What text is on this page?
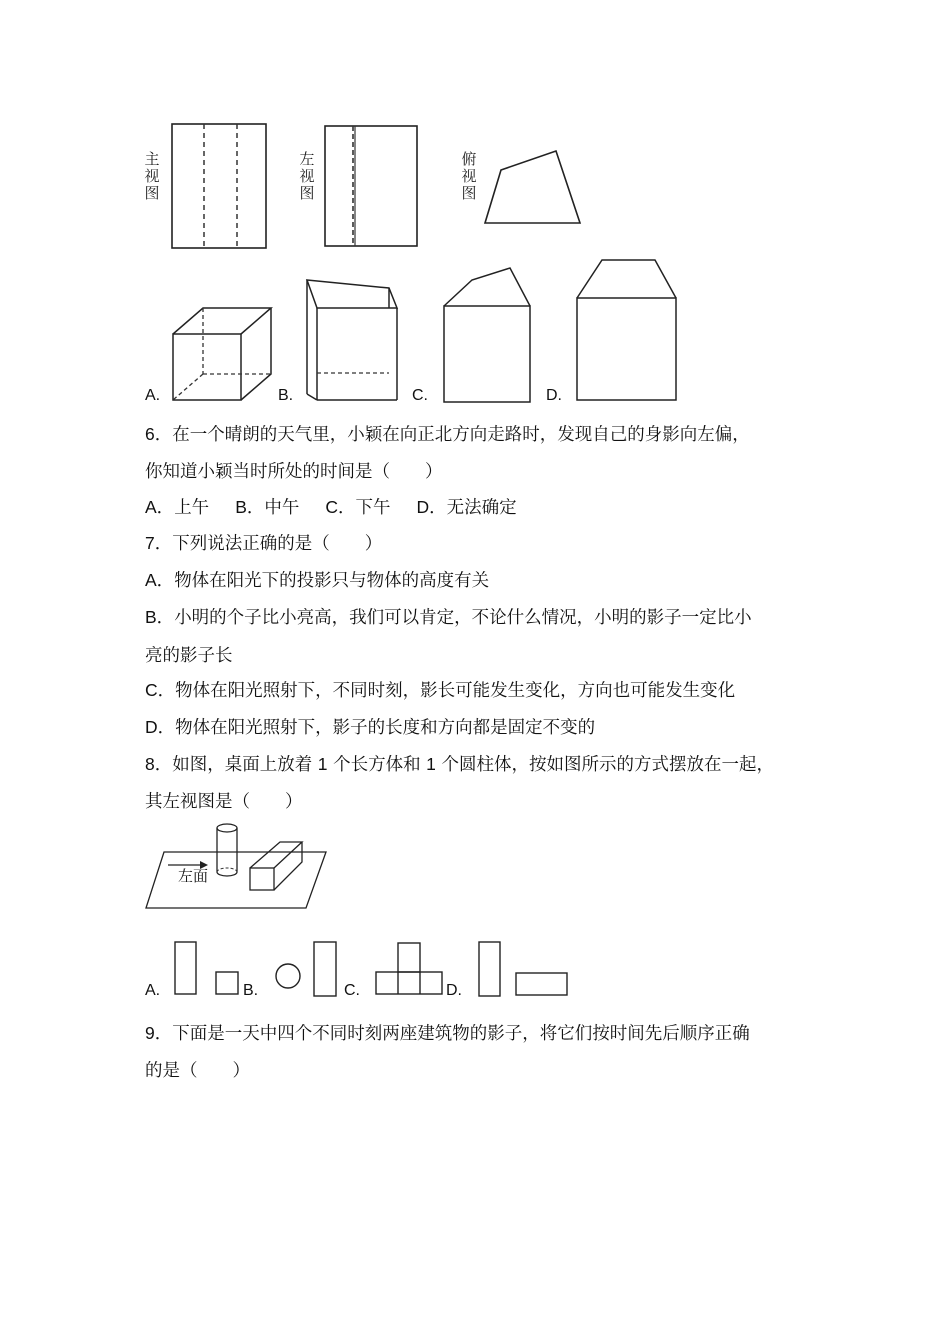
主
视
图
左
视
图
俯
视
图
A.	B.	C.	D.
6．在一个晴朗的天气里，小颖在向正北方向走路时，发现自己的身影向左偏，
你知道小颖当时所处的时间是（　　）
A．上午 B．中午 C．下午 D．无法确定
7．下列说法正确的是（　　）
A．物体在阳光下的投影只与物体的高度有关
B．小明的个子比小亮高，我们可以肯定，不论什么情况，小明的影子一定比小
亮的影子长
C．物体在阳光照射下，不同时刻，影长可能发生变化，方向也可能发生变化
D．物体在阳光照射下，影子的长度和方向都是固定不变的
8．如图，桌面上放着 1 个长方体和 1 个圆柱体，按如图所示的方式摆放在一起，
其左视图是（　　）
左面
A.	B.	C.	D.
9．下面是一天中四个不同时刻两座建筑物的影子，将它们按时间先后顺序正确
的是（　　）
